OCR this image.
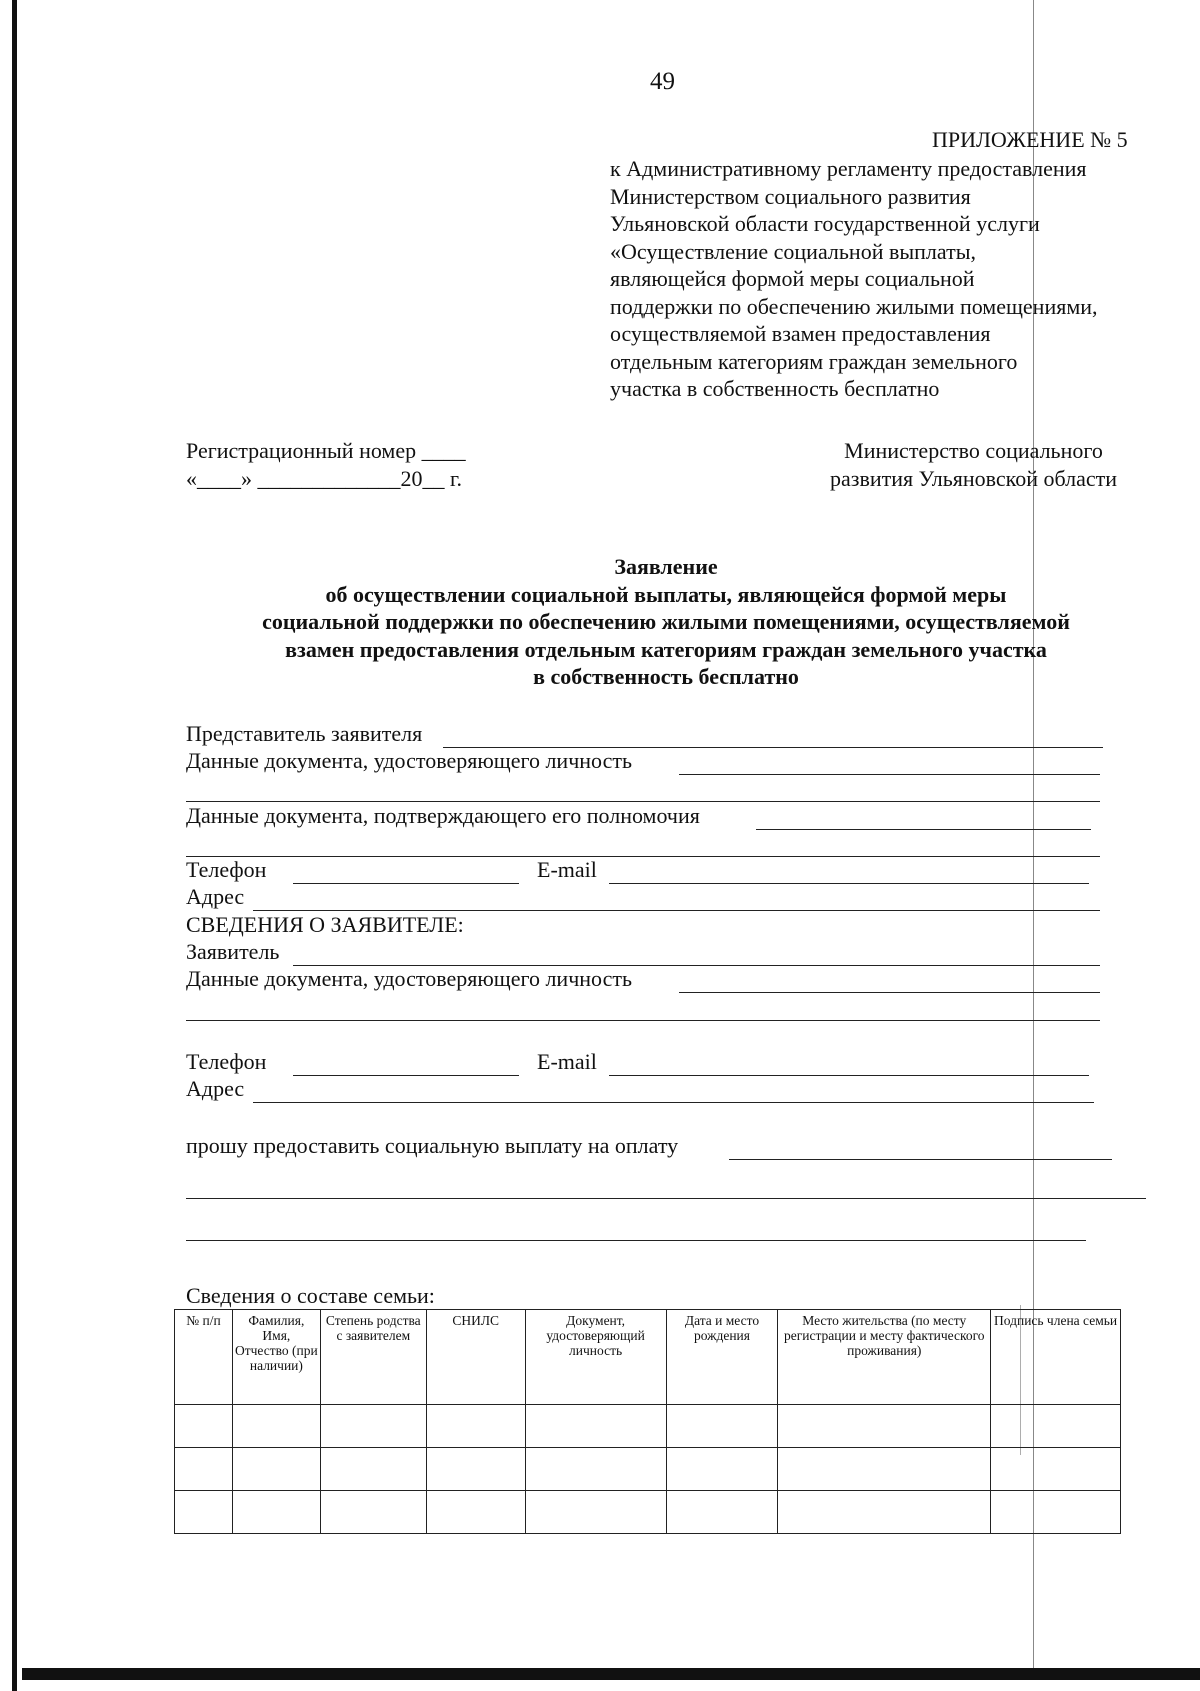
49
ПРИЛОЖЕНИЕ № 5
к Административному регламенту предоставления
Министерством социального развития
Ульяновской области государственной услуги
«Осуществление социальной выплаты,
являющейся формой меры социальной
поддержки по обеспечению жилыми помещениями,
осуществляемой взамен предоставления
отдельным категориям граждан земельного
участка в собственность бесплатно
Регистрационный номер ____
«____» _____________20__ г.
Министерство социального
развития Ульяновской области
Заявление
об осуществлении социальной выплаты, являющейся формой меры
социальной поддержки по обеспечению жилыми помещениями, осуществляемой
взамен предоставления отдельным категориям граждан земельного участка
в собственность бесплатно
Представитель заявителя
Данные документа, удостоверяющего личность
Данные документа, подтверждающего его полномочия
Телефон	E-mail
Адрес
СВЕДЕНИЯ О ЗАЯВИТЕЛЕ:
Заявитель
Данные документа, удостоверяющего личность
Телефон	E-mail
Адрес
прошу предоставить социальную выплату на оплату
Сведения о составе семьи:
№ п/п	Фамилия, Имя, Отчество (при наличии)	Степень родства с заявителем	СНИЛС	Документ, удостоверяющий личность	Дата и место рождения	Место жительства (по месту регистрации и месту фактического проживания)	Подпись члена семьи
